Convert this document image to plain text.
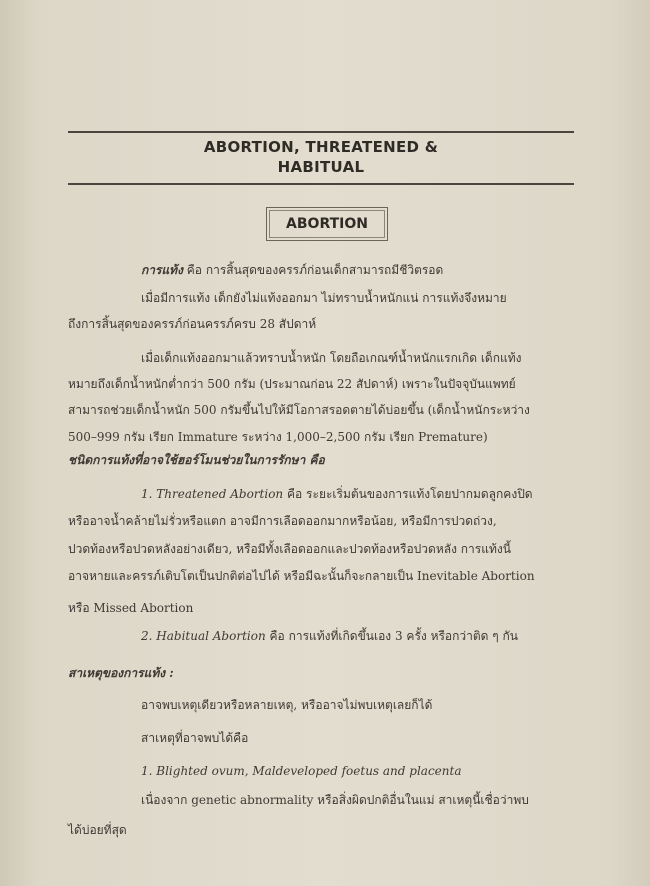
ABORTION, THREATENED &
HABITUAL
ABORTION
การแท้ง คือ การสิ้นสุดของครรภ์ก่อนเด็กสามารถมีชีวิตรอด
เมื่อมีการแท้ง เด็กยังไม่แท้งออกมา ไม่ทราบน้ำหนักแน่ การแท้งจึงหมาย
ถึงการสิ้นสุดของครรภ์ก่อนครรภ์ครบ 28 สัปดาห์
เมื่อเด็กแท้งออกมาแล้วทราบน้ำหนัก โดยถือเกณฑ์น้ำหนักแรกเกิด เด็กแท้ง
หมายถึงเด็กน้ำหนักต่ำกว่า 500 กรัม (ประมาณก่อน 22 สัปดาห์) เพราะในปัจจุบันแพทย์
สามารถช่วยเด็กน้ำหนัก 500 กรัมขึ้นไปให้มีโอกาสรอดตายได้บ่อยขึ้น (เด็กน้ำหนักระหว่าง
500–999 กรัม เรียก Immature ระหว่าง 1,000–2,500 กรัม เรียก Premature)
ชนิดการแท้งที่อาจใช้ฮอร์โมนช่วยในการรักษา คือ
1. Threatened Abortion คือ ระยะเริ่มต้นของการแท้งโดยปากมดลูกคงปิด
หรืออาจน้ำคล้ายไม่รั่วหรือแตก อาจมีการเลือดออกมากหรือน้อย, หรือมีการปวดถ่วง,
ปวดท้องหรือปวดหลังอย่างเดียว, หรือมีทั้งเลือดออกและปวดท้องหรือปวดหลัง การแท้งนี้
อาจหายและครรภ์เติบโตเป็นปกติต่อไปได้ หรือมีฉะนั้นก็จะกลายเป็น Inevitable Abortion
หรือ Missed Abortion
2. Habitual Abortion คือ การแท้งที่เกิดขึ้นเอง 3 ครั้ง หรือกว่าติด ๆ กัน
สาเหตุของการแท้ง :
อาจพบเหตุเดียวหรือหลายเหตุ, หรืออาจไม่พบเหตุเลยก็ได้
สาเหตุที่อาจพบได้คือ
1. Blighted ovum, Maldeveloped foetus and placenta
เนื่องจาก genetic abnormality หรือสิ่งผิดปกติอื่นในแม่ สาเหตุนี้เชื่อว่าพบ
ได้บ่อยที่สุด
